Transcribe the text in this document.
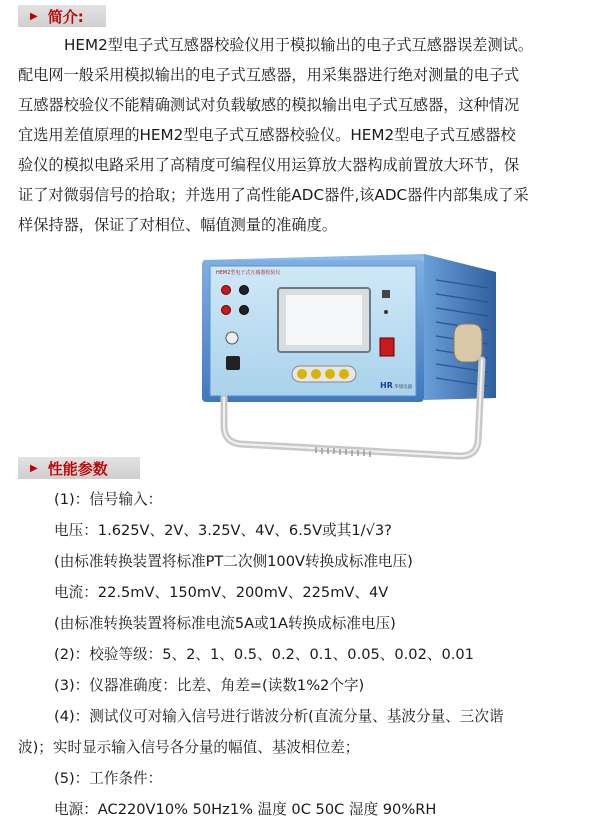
▶ 简介:
HEM2型电子式互感器校验仪用于模拟输出的电子式互感器误差测试。
配电网一般采用模拟输出的电子式互感器，用采集器进行绝对测量的电子式
互感器校验仪不能精确测试对负载敏感的模拟输出电子式互感器，这种情况
宜选用差值原理的HEM2型电子式互感器校验仪。HEM2型电子式互感器校
验仪的模拟电路采用了高精度可编程仪用运算放大器构成前置放大环节，保
证了对微弱信号的拾取；并选用了高性能ADC器件,该ADC器件内部集成了采
样保持器，保证了对相位、幅值测量的准确度。
HEM2型电子式互感器校验仪
HR 华瑞电器
▶ 性能参数
(1)：信号输入：
电压：1.625V、2V、3.25V、4V、6.5V或其1/√3?
(由标准转换装置将标准PT二次侧100V转换成标准电压)
电流：22.5mV、150mV、200mV、225mV、4V
(由标准转换装置将标准电流5A或1A转换成标准电压)
(2)：校验等级：5、2、1、0.5、0.2、0.1、0.05、0.02、0.01
(3)：仪器准确度：比差、角差=(读数1%2个字)
(4)：测试仪可对输入信号进行谐波分析(直流分量、基波分量、三次谐
波)；实时显示输入信号各分量的幅值、基波相位差；
(5)：工作条件：
电源：AC220V10% 50Hz1% 温度 0C 50C 湿度 90%RH
